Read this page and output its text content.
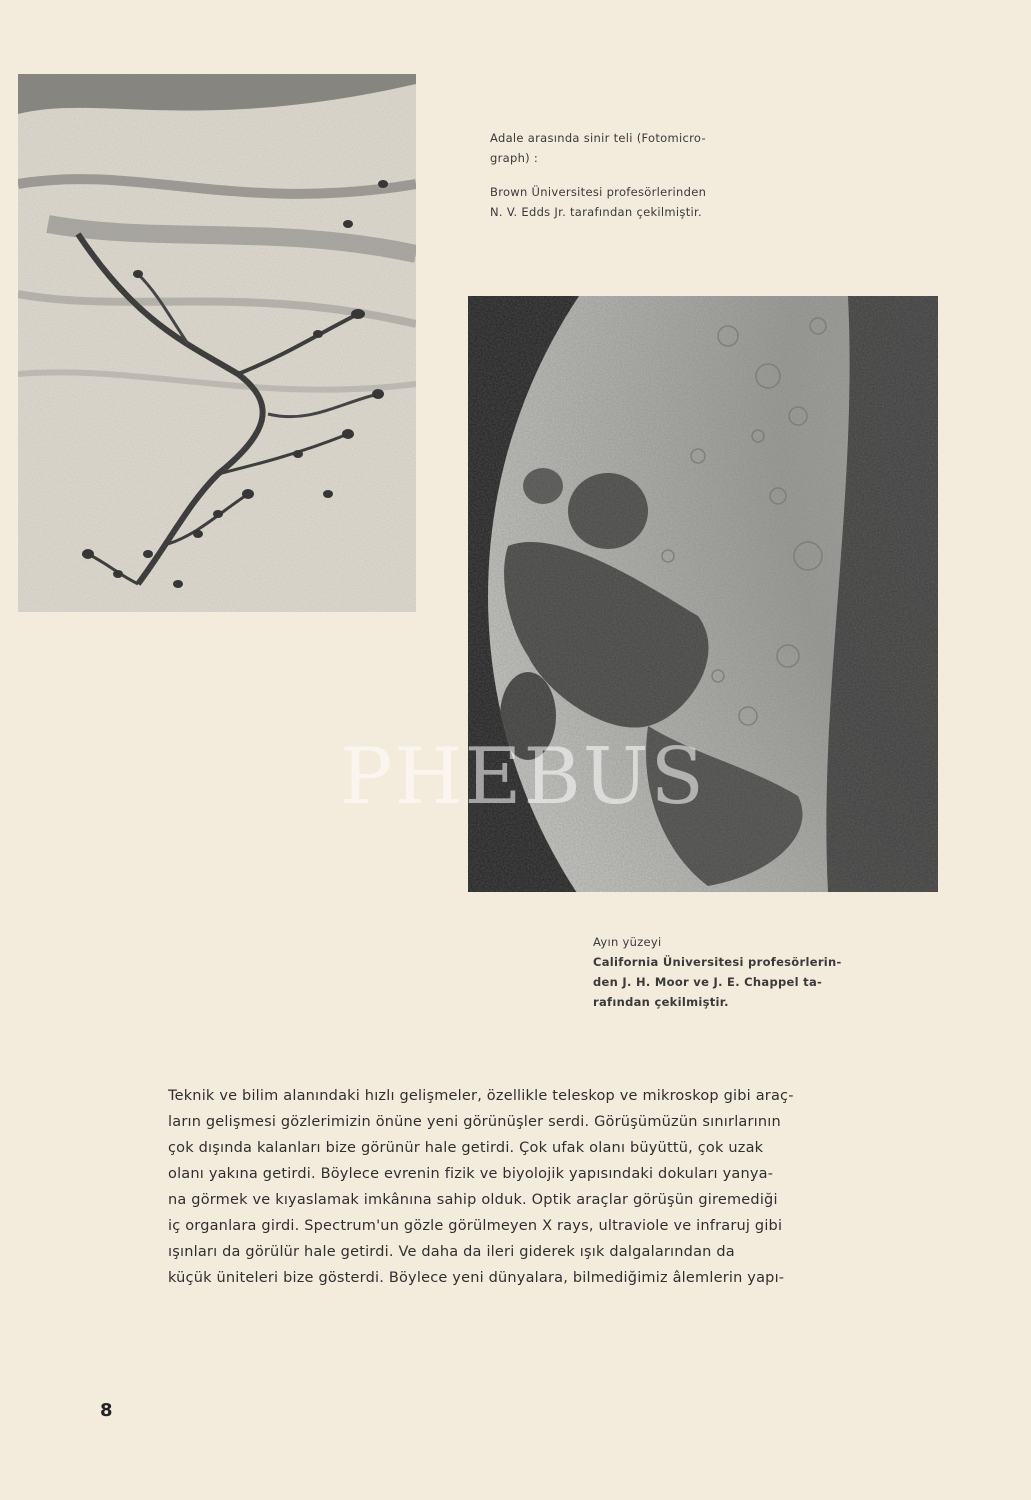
Adale arasında sinir teli (Fotomicro-

graph) :

Brown Üniversitesi profesörlerinden

N. V. Edds Jr. tarafından çekilmiştir.

PHEBUS

Ayın yüzeyi

California Üniversitesi profesörlerin-

den J. H. Moor ve J. E. Chappel ta-

rafından çekilmiştir.

Teknik ve bilim alanındaki hızlı gelişmeler, özellikle teleskop ve mikroskop gibi araç-
ların gelişmesi gözlerimizin önüne yeni görünüşler serdi. Görüşümüzün sınırlarının
çok dışında kalanları bize görünür hale getirdi. Çok ufak olanı büyüttü, çok uzak
olanı yakına getirdi. Böylece evrenin fizik ve biyolojik yapısındaki dokuları yanya-
na görmek ve kıyaslamak imkânına sahip olduk. Optik araçlar görüşün giremediği
iç organlara girdi. Spectrum'un gözle görülmeyen X rays, ultraviole ve infraruj gibi
ışınları da görülür hale getirdi. Ve daha da ileri giderek ışık dalgalarından da
küçük üniteleri bize gösterdi. Böylece yeni dünyalara, bilmediğimiz âlemlerin yapı-
8
